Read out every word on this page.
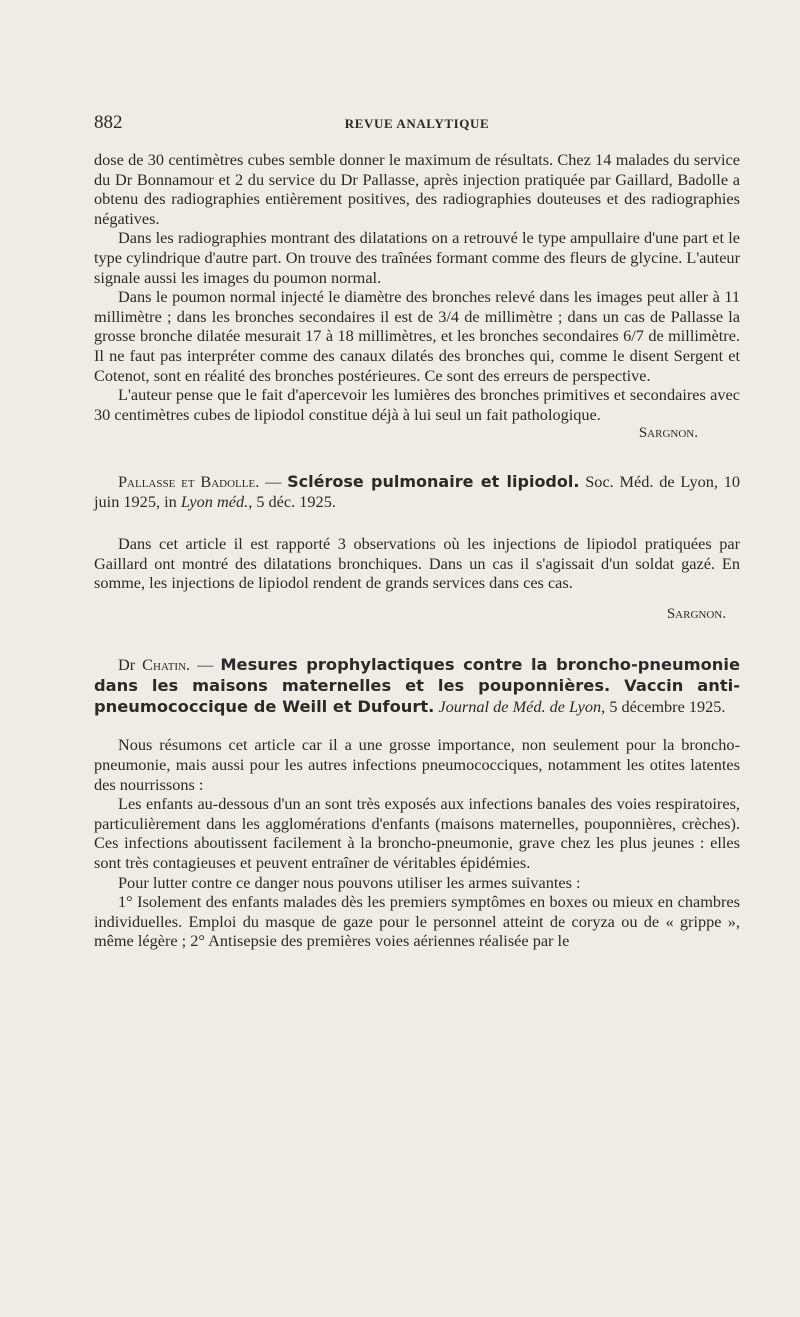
882	REVUE ANALYTIQUE

dose de 30 centimètres cubes semble donner le maximum de résultats. Chez 14 malades du service du Dr Bonnamour et 2 du service du Dr Pallasse, après injection pratiquée par Gaillard, Badolle a obtenu des radiographies entièrement positives, des radiographies douteuses et des radiographies négatives.

Dans les radiographies montrant des dilatations on a retrouvé le type ampullaire d'une part et le type cylindrique d'autre part. On trouve des traînées formant comme des fleurs de glycine. L'auteur signale aussi les images du poumon normal.

Dans le poumon normal injecté le diamètre des bronches relevé dans les images peut aller à 11 millimètre ; dans les bronches secondaires il est de 3/4 de millimètre ; dans un cas de Pallasse la grosse bronche dilatée mesurait 17 à 18 millimètres, et les bronches secondaires 6/7 de millimètre. Il ne faut pas interpréter comme des canaux dilatés des bronches qui, comme le disent Sergent et Cotenot, sont en réalité des bronches postérieures. Ce sont des erreurs de perspective.

L'auteur pense que le fait d'apercevoir les lumières des bronches primitives et secondaires avec 30 centimètres cubes de lipiodol constitue déjà à lui seul un fait pathologique.

Sargnon.

Pallasse et Badolle. — Sclérose pulmonaire et lipiodol. Soc. Méd. de Lyon, 10 juin 1925, in Lyon méd., 5 déc. 1925.

Dans cet article il est rapporté 3 observations où les injections de lipiodol pratiquées par Gaillard ont montré des dilatations bronchiques. Dans un cas il s'agissait d'un soldat gazé. En somme, les injections de lipiodol rendent de grands services dans ces cas.

Sargnon.

Dr Chatin. — Mesures prophylactiques contre la broncho-pneumonie dans les maisons maternelles et les pouponnières. Vaccin anti-pneumococcique de Weill et Dufourt. Journal de Méd. de Lyon, 5 décembre 1925.

Nous résumons cet article car il a une grosse importance, non seulement pour la broncho-pneumonie, mais aussi pour les autres infections pneumococciques, notamment les otites latentes des nourrissons :

Les enfants au-dessous d'un an sont très exposés aux infections banales des voies respiratoires, particulièrement dans les agglomérations d'enfants (maisons maternelles, pouponnières, crèches). Ces infections aboutissent facilement à la broncho-pneumonie, grave chez les plus jeunes : elles sont très contagieuses et peuvent entraîner de véritables épidémies.

Pour lutter contre ce danger nous pouvons utiliser les armes suivantes :

1° Isolement des enfants malades dès les premiers symptômes en boxes ou mieux en chambres individuelles. Emploi du masque de gaze pour le personnel atteint de coryza ou de « grippe », même légère ; 2° Antisepsie des premières voies aériennes réalisée par le
